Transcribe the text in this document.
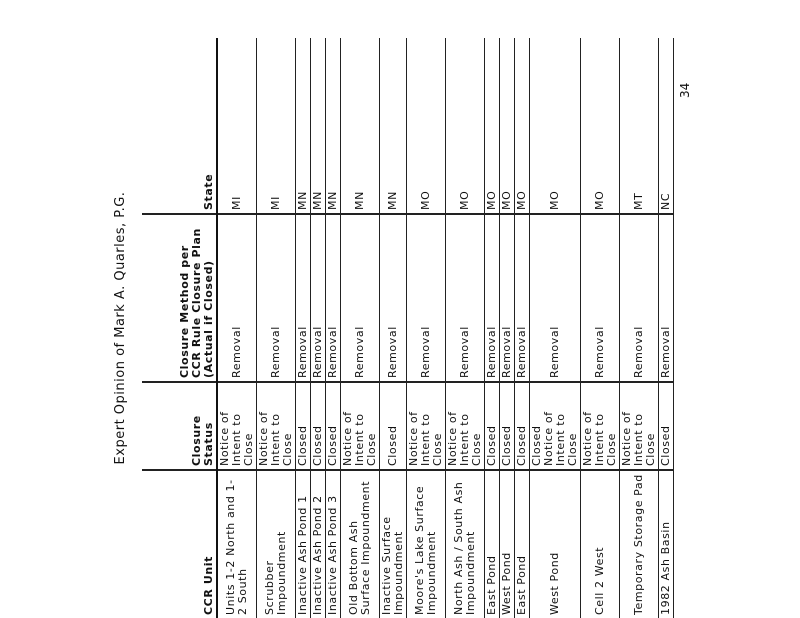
Expert Opinion of Mark A. Quarles, P.G.
CCR Unit	Closure Status	Closure Method per CCR Rule Closure Plan (Actual if Closed)	State
Units 1-2 North and 1-2 South	Notice of Intent to Close	Removal	MI
Scrubber Impoundment	Notice of Intent to Close	Removal	MI
Inactive Ash Pond 1	Closed	Removal	MN
Inactive Ash Pond 2	Closed	Removal	MN
Inactive Ash Pond 3	Closed	Removal	MN
Old Bottom Ash Surface Impoundment	Notice of Intent to Close	Removal	MN
Inactive Surface Impoundment	Closed	Removal	MN
Moore's Lake Surface Impoundment	Notice of Intent to Close	Removal	MO
North Ash / South Ash Impoundment	Notice of Intent to Close	Removal	MO
East Pond	Closed	Removal	MO
West Pond	Closed	Removal	MO
East Pond	Closed	Removal	MO
West Pond	Closed Notice of Intent to Close	Removal	MO
Cell 2 West	Notice of Intent to Close	Removal	MO
Temporary Storage Pad	Notice of Intent to Close	Removal	MT
1982 Ash Basin	Closed	Removal	NC
34
